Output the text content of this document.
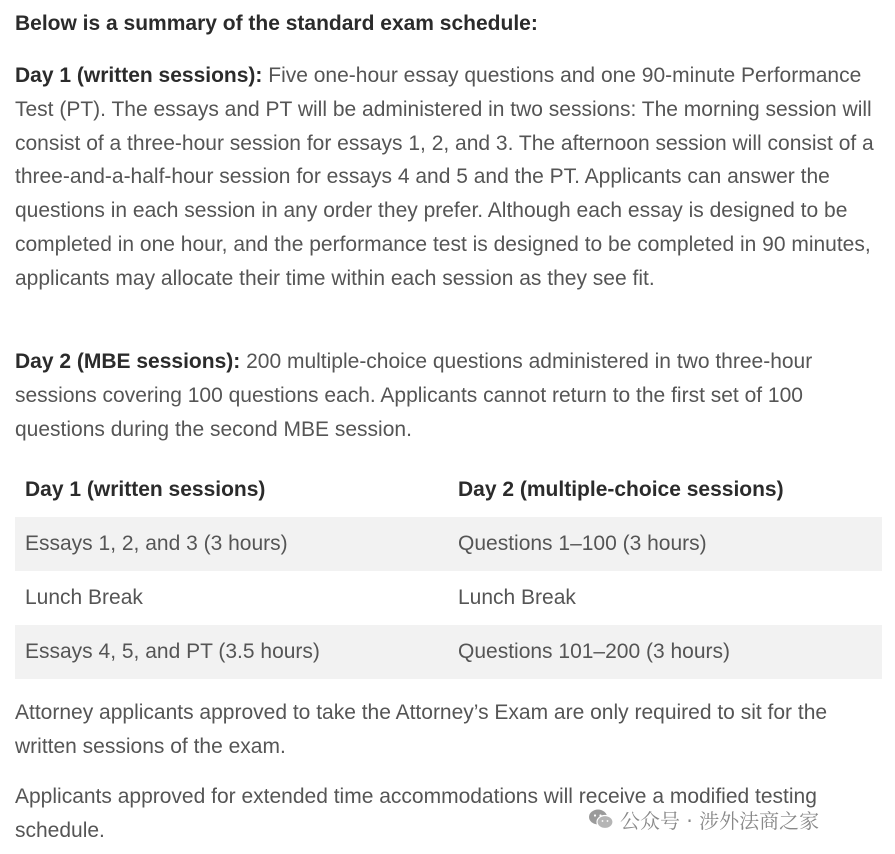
Below is a summary of the standard exam schedule:

Day 1 (written sessions): Five one-hour essay questions and one 90-minute Performance Test (PT). The essays and PT will be administered in two sessions: The morning session will consist of a three-hour session for essays 1, 2, and 3. The afternoon session will consist of a three-and-a-half-hour session for essays 4 and 5 and the PT. Applicants can answer the questions in each session in any order they prefer. Although each essay is designed to be completed in one hour, and the performance test is designed to be completed in 90 minutes, applicants may allocate their time within each session as they see fit.

Day 2 (MBE sessions): 200 multiple-choice questions administered in two three-hour sessions covering 100 questions each. Applicants cannot return to the first set of 100 questions during the second MBE session.

Day 1 (written sessions)	Day 2 (multiple-choice sessions)
Essays 1, 2, and 3 (3 hours)	Questions 1–100 (3 hours)
Lunch Break	Lunch Break
Essays 4, 5, and PT (3.5 hours)	Questions 101–200 (3 hours)

Attorney applicants approved to take the Attorney’s Exam are only required to sit for the written sessions of the exam.

Applicants approved for extended time accommodations will receive a modified testing schedule.	公众号 · 涉外法商之家
